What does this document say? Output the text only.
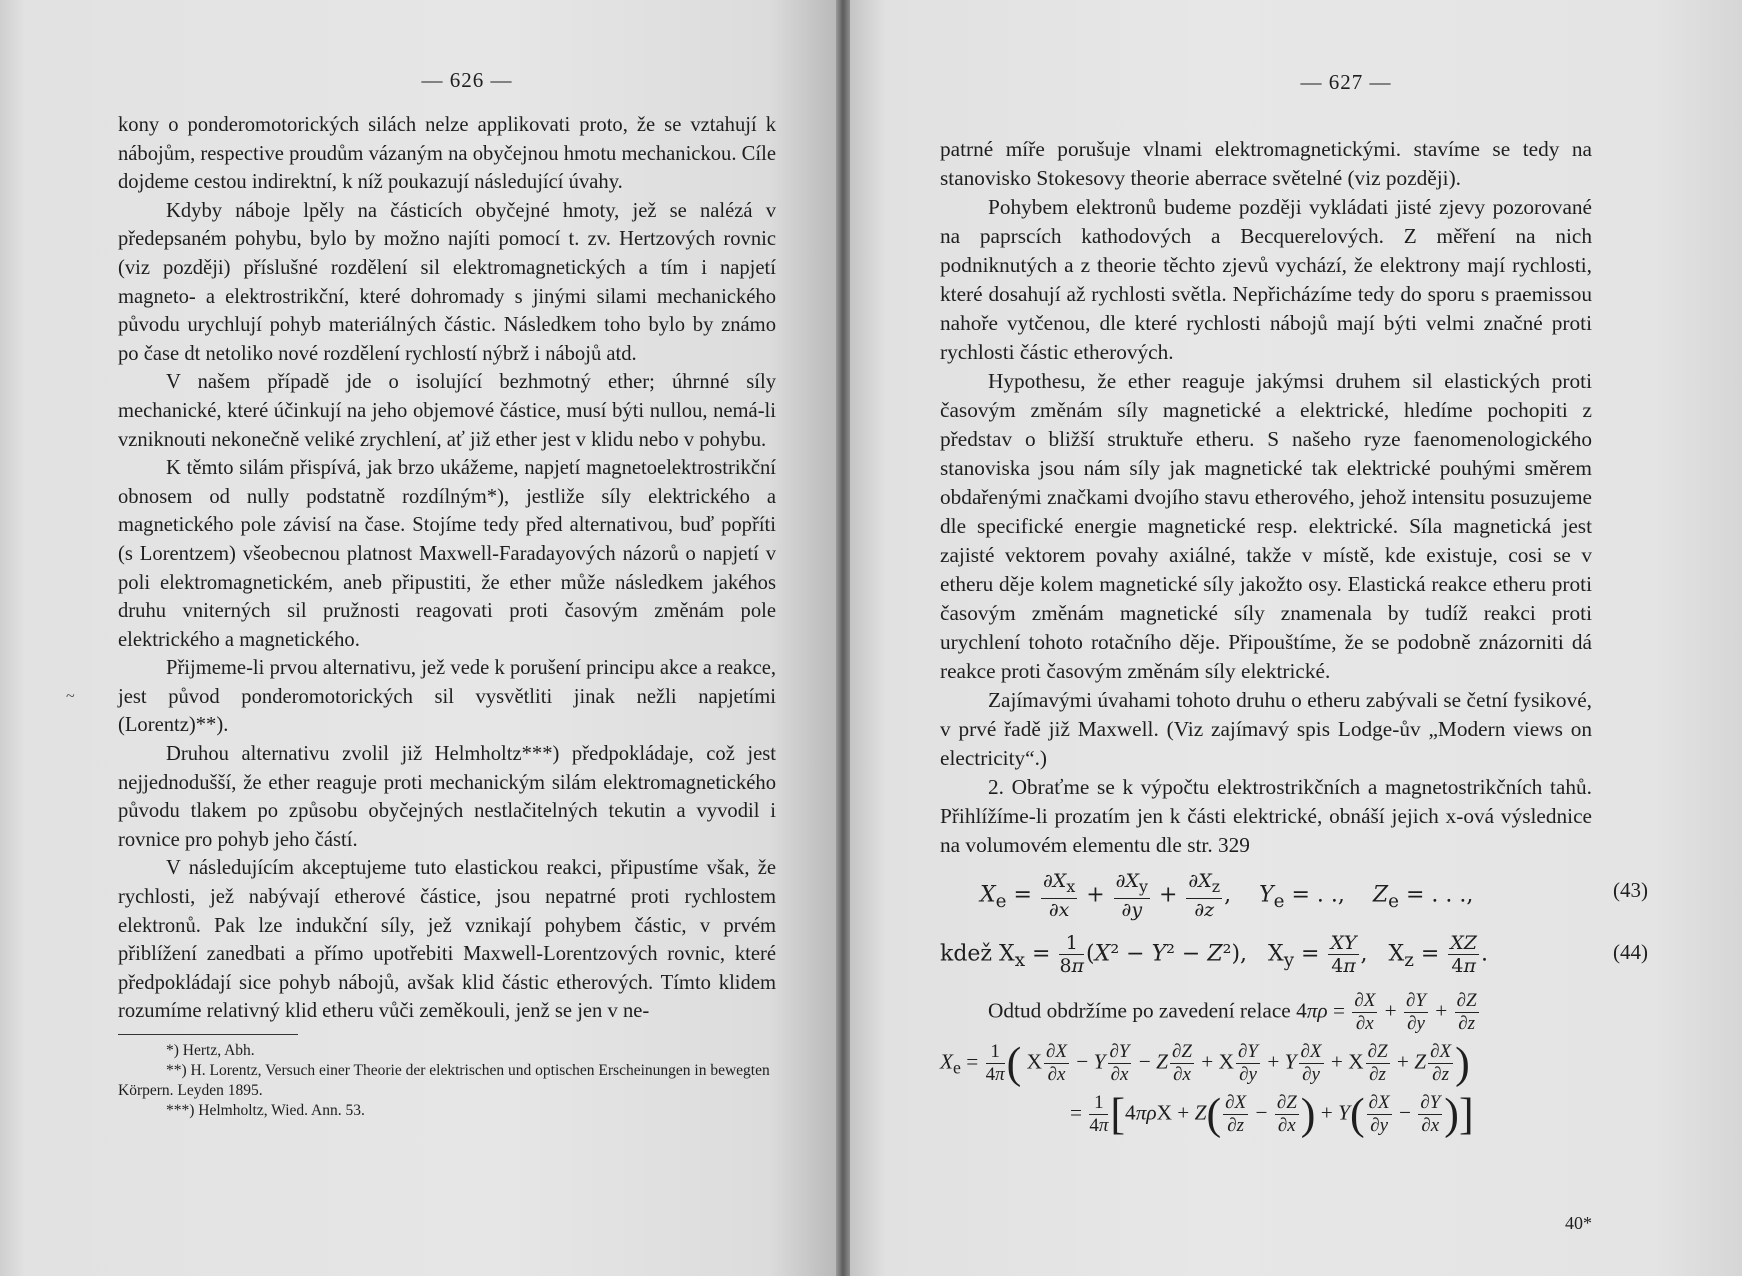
— 626 —

kony o ponderomotorických silách nelze applikovati proto, že se vztahují k nábojům, respective proudům vázaným na obyčejnou hmotu mechanickou. Cíle dojdeme cestou indirektní, k níž poukazují následující úvahy.

Kdyby náboje lpěly na částicích obyčejné hmoty, jež se nalézá v předepsaném pohybu, bylo by možno najíti pomocí t. zv. Hertzových rovnic (viz později) příslušné rozdělení sil elektromagnetických a tím i napjetí magneto- a elektrostrikční, které dohromady s jinými silami mechanického původu urychlují pohyb materiálných částic. Následkem toho bylo by známo po čase dt netoliko nové rozdělení rychlostí nýbrž i nábojů atd.

V našem případě jde o isolující bezhmotný ether; úhrnné síly mechanické, které účinkují na jeho objemové částice, musí býti nullou, nemá-li vzniknouti nekonečně veliké zrychlení, ať již ether jest v klidu nebo v pohybu.

K těmto silám přispívá, jak brzo ukážeme, napjetí magnetoelektrostrikční obnosem od nully podstatně rozdílným*), jestliže síly elektrického a magnetického pole závisí na čase. Stojíme tedy před alternativou, buď popříti (s Lorentzem) všeobecnou platnost Maxwell-Faradayových názorů o napjetí v poli elektromagnetickém, aneb připustiti, že ether může následkem jakéhos druhu vniterných sil pružnosti reagovati proti časovým změnám pole elektrického a magnetického.

Přijmeme-li prvou alternativu, jež vede k porušení principu akce a reakce, jest původ ponderomotorických sil vysvětliti jinak nežli napjetími (Lorentz)**).

Druhou alternativu zvolil již Helmholtz***) předpokládaje, což jest nejjednodušší, že ether reaguje proti mechanickým silám elektromagnetického původu tlakem po způsobu obyčejných nestlačitelných tekutin a vyvodil i rovnice pro pohyb jeho částí.

V následujícím akceptujeme tuto elastickou reakci, připustíme však, že rychlosti, jež nabývají etherové částice, jsou nepatrné proti rychlostem elektronů. Pak lze indukční síly, jež vznikají pohybem částic, v prvém přiblížení zanedbati a přímo upotřebiti Maxwell-Lorentzových rovnic, které předpokládají sice pohyb nábojů, avšak klid částic etherových. Tímto klidem rozumíme relativný klid etheru vůči zeměkouli, jenž se jen v ne-

*) Hertz, Abh.

**) H. Lorentz, Versuch einer Theorie der elektrischen und optischen Erscheinungen in bewegten Körpern. Leyden 1895.

***) Helmholtz, Wied. Ann. 53.

~
— 627 —

patrné míře porušuje vlnami elektromagnetickými. stavíme se tedy na stanovisko Stokesovy theorie aberrace světelné (viz později).

Pohybem elektronů budeme později vykládati jisté zjevy pozorované na paprscích kathodových a Becquerelových. Z měření na nich podniknutých a z theorie těchto zjevů vychází, že elektrony mají rychlosti, které dosahují až rychlosti světla. Nepřicházíme tedy do sporu s praemissou nahoře vytčenou, dle které rychlosti nábojů mají býti velmi značné proti rychlosti částic etherových.

Hypothesu, že ether reaguje jakýmsi druhem sil elastických proti časovým změnám síly magnetické a elektrické, hledíme pochopiti z představ o bližší struktuře etheru. S našeho ryze faenomenologického stanoviska jsou nám síly jak magnetické tak elektrické pouhými směrem obdařenými značkami dvojího stavu etherového, jehož intensitu posuzujeme dle specifické energie magnetické resp. elektrické. Síla magnetická jest zajisté vektorem povahy axiálné, takže v místě, kde existuje, cosi se v etheru děje kolem magnetické síly jakožto osy. Elastická reakce etheru proti časovým změnám magnetické síly znamenala by tudíž reakci proti urychlení tohoto rotačního děje. Připouštíme, že se podobně znázorniti dá reakce proti časovým změnám síly elektrické.

Zajímavými úvahami tohoto druhu o etheru zabývali se četní fysikové, v prvé řadě již Maxwell. (Viz zajímavý spis Lodge-ův „Modern views on electricity“.)

2. Obraťme se k výpočtu elektrostrikčních a magnetostrikčních tahů. Přihlížíme-li prozatím jen k části elektrické, obnáší jejich x-ová výslednice na volumovém elementu dle str. 329

$X_e = \frac{\partial X_x}{\partial x} + \frac{\partial X_y}{\partial y} + \frac{\partial X_z}{\partial z}$ ,    $Y_e$ = . .,    $Z_e$ = . . .,	(43)
kdež $X_x = \frac{1}{8\pi} (X^2 - Y^2 - Z^2)$,   $X_y = \frac{XY}{4\pi}$ ,   $X_z = \frac{XZ}{4\pi}$ .	(44)
Odtud obdržíme po zavedení relace $4\pi\rho = \frac{\partial X}{\partial x} + \frac{\partial Y}{\partial y} + \frac{\partial Z}{\partial z}$
$X_e = \frac{1}{4\pi}$ ( X $\frac{\partial X}{\partial x} - Y \frac{\partial Y}{\partial x} - Z \frac{\partial Z}{\partial x} + X \frac{\partial Y}{\partial y} + Y \frac{\partial X}{\partial y} + X \frac{\partial Z}{\partial z} + Z \frac{\partial X}{\partial z}$ )
= $\frac{1}{4\pi} [4\pi\rho X + Z( \frac{\partial X}{\partial z} - \frac{\partial Z}{\partial x}$ ) + $Y( \frac{\partial X}{\partial y} - \frac{\partial Y}{\partial x}$ )]
40*
